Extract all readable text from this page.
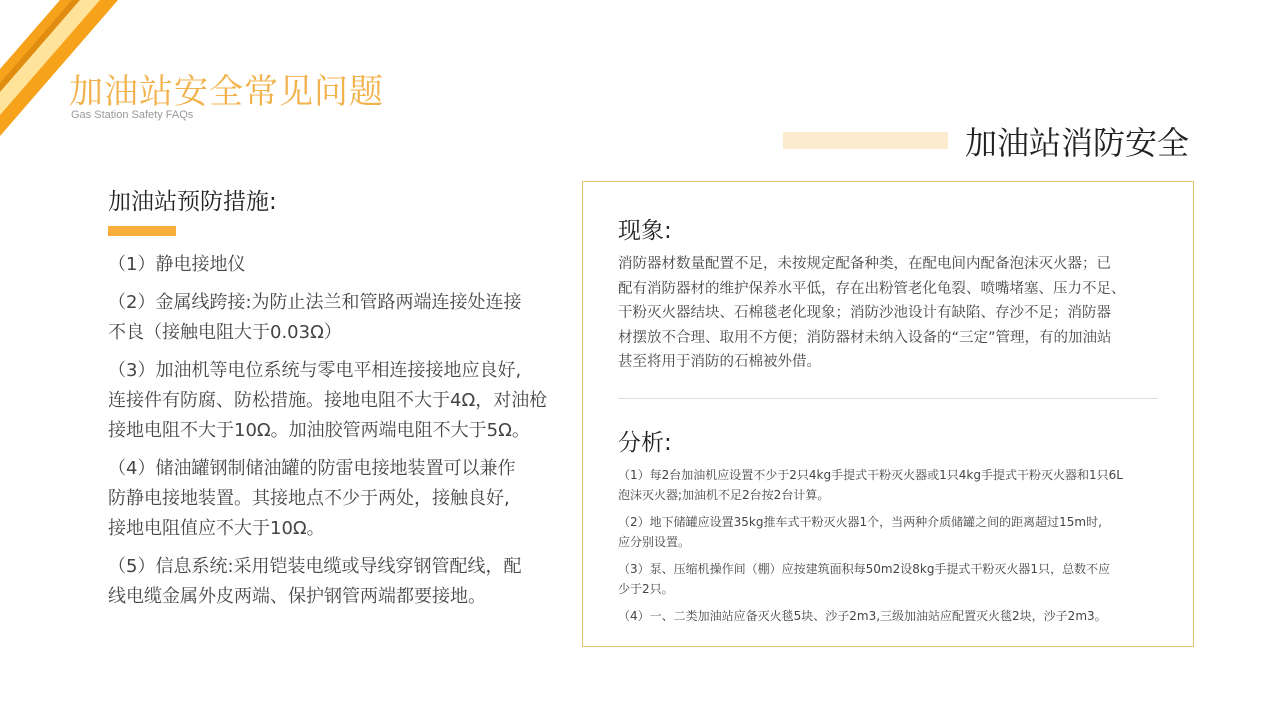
加油站安全常见问题
Gas Station Safety FAQs
加油站消防安全
加油站预防措施:

（1）静电接地仪

（2）金属线跨接:为防止法兰和管路两端连接处连接
不良（接触电阻大于0.03Ω）

（3）加油机等电位系统与零电平相连接接地应良好,
连接件有防腐、防松措施。接地电阻不大于4Ω，对油枪
接地电阻不大于10Ω。加油胶管两端电阻不大于5Ω。

（4）储油罐钢制储油罐的防雷电接地装置可以兼作
防静电接地装置。其接地点不少于两处，接触良好,
接地电阻值应不大于10Ω。

（5）信息系统:采用铠装电缆或导线穿钢管配线，配
线电缆金属外皮两端、保护钢管两端都要接地。

现象:
消防器材数量配置不足，未按规定配备种类，在配电间内配备泡沫灭火器；已
配有消防器材的维护保养水平低，存在出粉管老化龟裂、喷嘴堵塞、压力不足、
干粉灭火器结块、石棉毯老化现象；消防沙池设计有缺陷、存沙不足；消防器
材摆放不合理、取用不方便；消防器材未纳入设备的“三定”管理，有的加油站
甚至将用于消防的石棉被外借。
分析:

（1）每2台加油机应设置不少于2只4kg手提式干粉灭火器或1只4kg手提式干粉灭火器和1只6L
泡沫灭火器;加油机不足2台按2台计算。

（2）地下储罐应设置35kg推车式干粉灭火器1个，当两种介质储罐之间的距离超过15m时,
应分别设置。

（3）泵、压缩机操作间（棚）应按建筑面积每50m2设8kg手提式干粉灭火器1只，总数不应
少于2只。

（4）一、二类加油站应备灭火毯5块、沙子2m3,三级加油站应配置灭火毯2块，沙子2m3。
